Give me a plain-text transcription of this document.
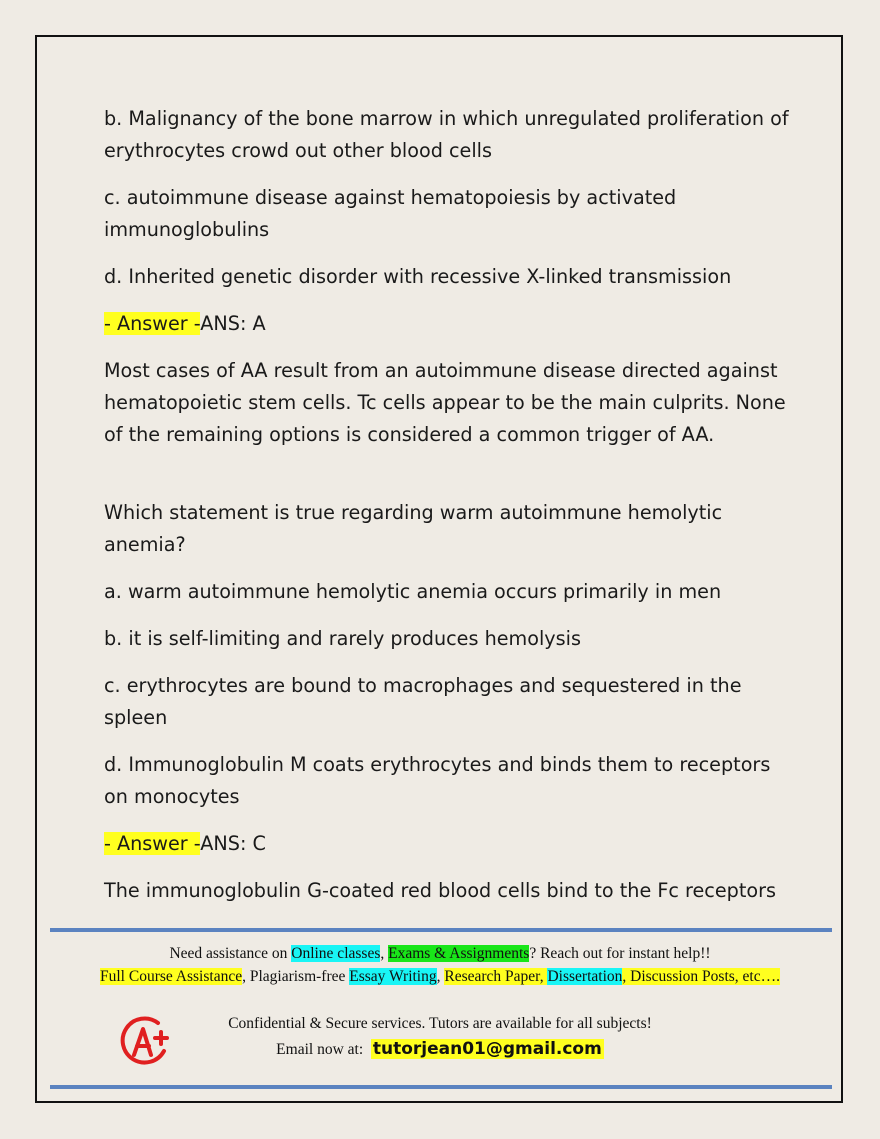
b. Malignancy of the bone marrow in which unregulated proliferation of erythrocytes crowd out other blood cells

c. autoimmune disease against hematopoiesis by activated immunoglobulins

d. Inherited genetic disorder with recessive X-linked transmission

- Answer -ANS: A

Most cases of AA result from an autoimmune disease directed against hematopoietic stem cells. Tc cells appear to be the main culprits. None of the remaining options is considered a common trigger of AA.

Which statement is true regarding warm autoimmune hemolytic anemia?

a. warm autoimmune hemolytic anemia occurs primarily in men

b. it is self-limiting and rarely produces hemolysis

c. erythrocytes are bound to macrophages and sequestered in the spleen

d. Immunoglobulin M coats erythrocytes and binds them to receptors on monocytes

- Answer -ANS: C

The immunoglobulin G-coated red blood cells bind to the Fc receptors

Need assistance on Online classes, Exams & Assignments? Reach out for instant help!!
Full Course Assistance, Plagiarism-free Essay Writing, Research Paper, Dissertation, Discussion Posts, etc….
Confidential & Secure services. Tutors are available for all subjects!
Email now at: tutorjean01@gmail.com
